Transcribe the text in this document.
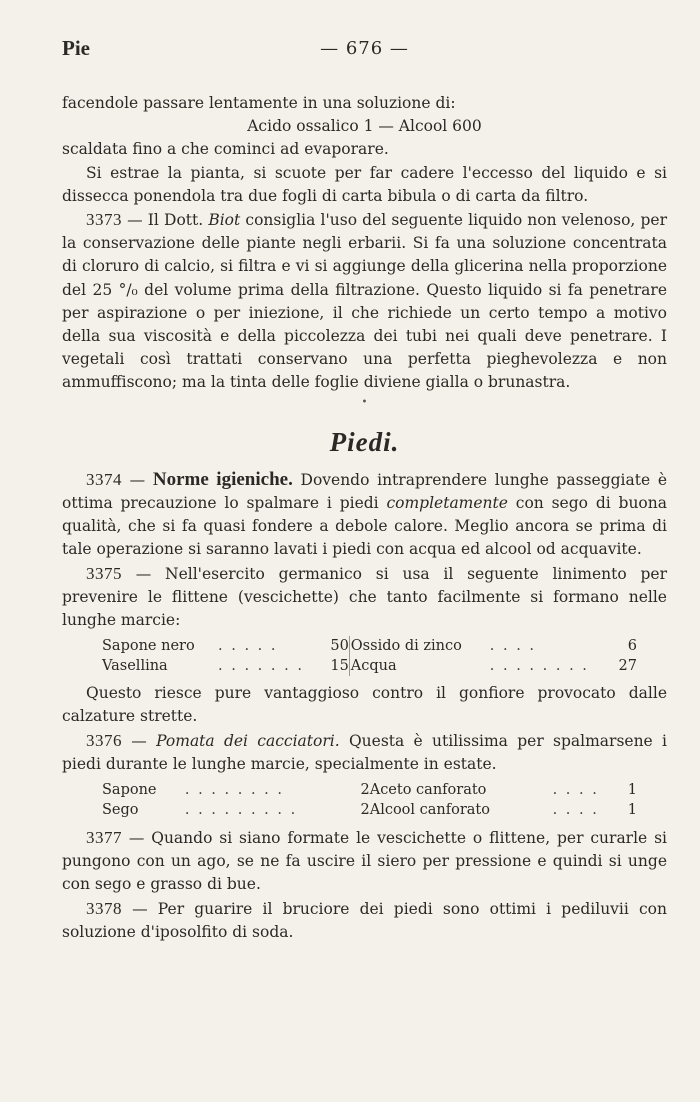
Pie	— 676 —

facendole passare lentamente in una soluzione di:

Acido ossalico 1 — Alcool 600

scaldata fino a che cominci ad evaporare.

Si estrae la pianta, si scuote per far cadere l'eccesso del liquido e si dissecca ponendola tra due fogli di carta bibula o di carta da filtro.

3373 — Il Dott. Biot consiglia l'uso del seguente liquido non velenoso, per la conservazione delle piante negli erbarii. Si fa una soluzione concentrata di clorurо di calcio, si filtra e vi si aggiunge della glicerina nella proporzione del 25 °/₀ del volume prima della filtrazione. Questo liquido si fa penetrare per aspirazione o per iniezione, il che richiede un certo tempo a motivo della sua viscosità e della piccolezza dei tubi nei quali deve penetrare. I vegetali così trattati conservano una perfetta pieghevolezza e non ammuffiscono; ma la tinta delle foglie diviene gialla o brunastra.

•
Piedi.

3374 — Norme igieniche. Dovendo intraprendere lunghe passeggiate è ottima precauzione lo spalmare i piedi completamente con sego di buona qualità, che si fa quasi fondere a debole calore. Meglio ancora se prima di tale operazione si saranno lavati i piedi con acqua ed alcool od acquavite.

3375 — Nell'esercito germanico si usa il seguente linimento per prevenire le flittene (vescichette) che tanto facilmente si formano nelle lunghe marcie:

Sapone nero	. . . . .	50		Ossido di zinco	. . . .	6
Vasellina	. . . . . . .	15		Acqua	. . . . . . . .	27

Questo riesce pure vantaggioso contro il gonfiore provocato dalle calzature strette.

3376 — Pomata dei cacciatori. Questa è utilissima per spalmarsene i piedi durante le lunghe marcie, specialmente in estate.

Sapone	. . . . . . . .	2	Aceto canforato	. . . .	1
Sego	. . . . . . . . .	2	Alcool canforato	. . . .	1

3377 — Quando si siano formate le vescichette o flittene, per curarle si pungono con un ago, se ne fa uscire il siero per pressione e quindi si unge con sego e grasso di bue.

3378 — Per guarire il bruciore dei piedi sono ottimi i pediluvii con soluzione d'iposolfito di soda.
